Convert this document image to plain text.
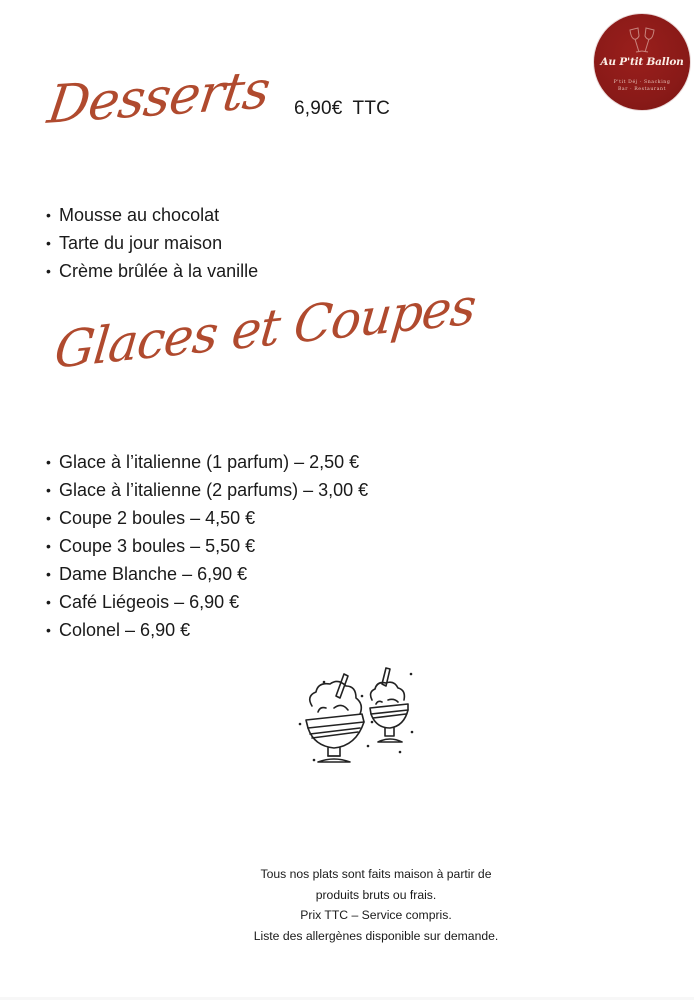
Au P'tit Ballon
P'tit Déj · Snacking
Bar · Restaurant
Desserts 6,90€ TTC
• Mousse au chocolat
• Tarte du jour maison
• Crème brûlée à la vanille
Glaces et Coupes
• Glace à l’italienne (1 parfum) – 2,50 €
• Glace à l’italienne (2 parfums) – 3,00 €
• Coupe 2 boules – 4,50 €
• Coupe 3 boules – 5,50 €
• Dame Blanche – 6,90 €
• Café Liégeois – 6,90 €
• Colonel – 6,90 €
Tous nos plats sont faits maison à partir de
produits bruts ou frais.
Prix TTC – Service compris.
Liste des allergènes disponible sur demande.
